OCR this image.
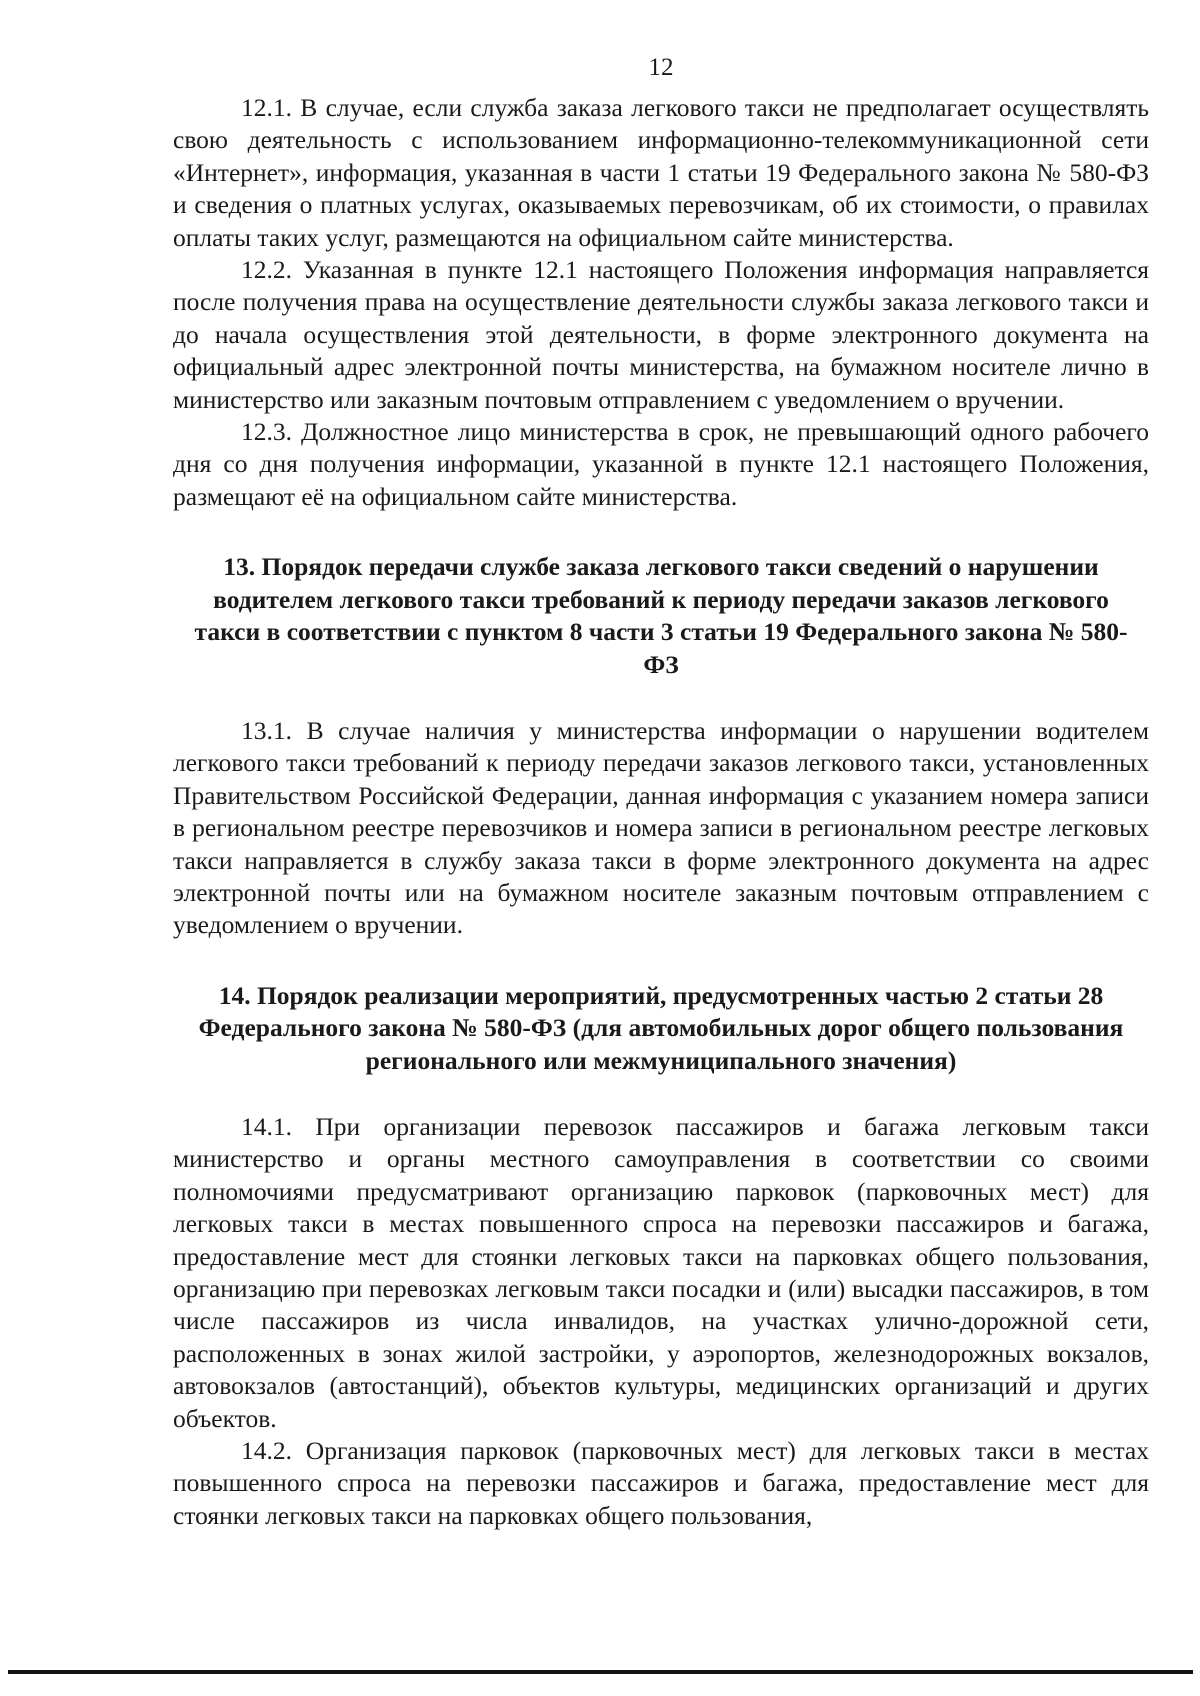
12

12.1. В случае, если служба заказа легкового такси не предполагает осуществлять свою деятельность с использованием информационно-телекоммуникационной сети «Интернет», информация, указанная в части 1 статьи 19 Федерального закона № 580-ФЗ и сведения о платных услугах, оказываемых перевозчикам, об их стоимости, о правилах оплаты таких услуг, размещаются на официальном сайте министерства.

12.2. Указанная в пункте 12.1 настоящего Положения информация направляется после получения права на осуществление деятельности службы заказа легкового такси и до начала осуществления этой деятельности, в форме электронного документа на официальный адрес электронной почты министерства, на бумажном носителе лично в министерство или заказным почтовым отправлением с уведомлением о вручении.

12.3. Должностное лицо министерства в срок, не превышающий одного рабочего дня со дня получения информации, указанной в пункте 12.1 настоящего Положения, размещают её на официальном сайте министерства.

13. Порядок передачи службе заказа легкового такси сведений о нарушении водителем легкового такси требований к периоду передачи заказов легкового такси в соответствии с пунктом 8 части 3 статьи 19 Федерального закона № 580-ФЗ

13.1. В случае наличия у министерства информации о нарушении водителем легкового такси требований к периоду передачи заказов легкового такси, установленных Правительством Российской Федерации, данная информация с указанием номера записи в региональном реестре перевозчиков и номера записи в региональном реестре легковых такси направляется в службу заказа такси в форме электронного документа на адрес электронной почты или на бумажном носителе заказным почтовым отправлением с уведомлением о вручении.

14. Порядок реализации мероприятий, предусмотренных частью 2 статьи 28 Федерального закона № 580-ФЗ (для автомобильных дорог общего пользования регионального или межмуниципального значения)

14.1. При организации перевозок пассажиров и багажа легковым такси министерство и органы местного самоуправления в соответствии со своими полномочиями предусматривают организацию парковок (парковочных мест) для легковых такси в местах повышенного спроса на перевозки пассажиров и багажа, предоставление мест для стоянки легковых такси на парковках общего пользования, организацию при перевозках легковым такси посадки и (или) высадки пассажиров, в том числе пассажиров из числа инвалидов, на участках улично-дорожной сети, расположенных в зонах жилой застройки, у аэропортов, железнодорожных вокзалов, автовокзалов (автостанций), объектов культуры, медицинских организаций и других объектов.

14.2. Организация парковок (парковочных мест) для легковых такси в местах повышенного спроса на перевозки пассажиров и багажа, предоставление мест для стоянки легковых такси на парковках общего пользования,
